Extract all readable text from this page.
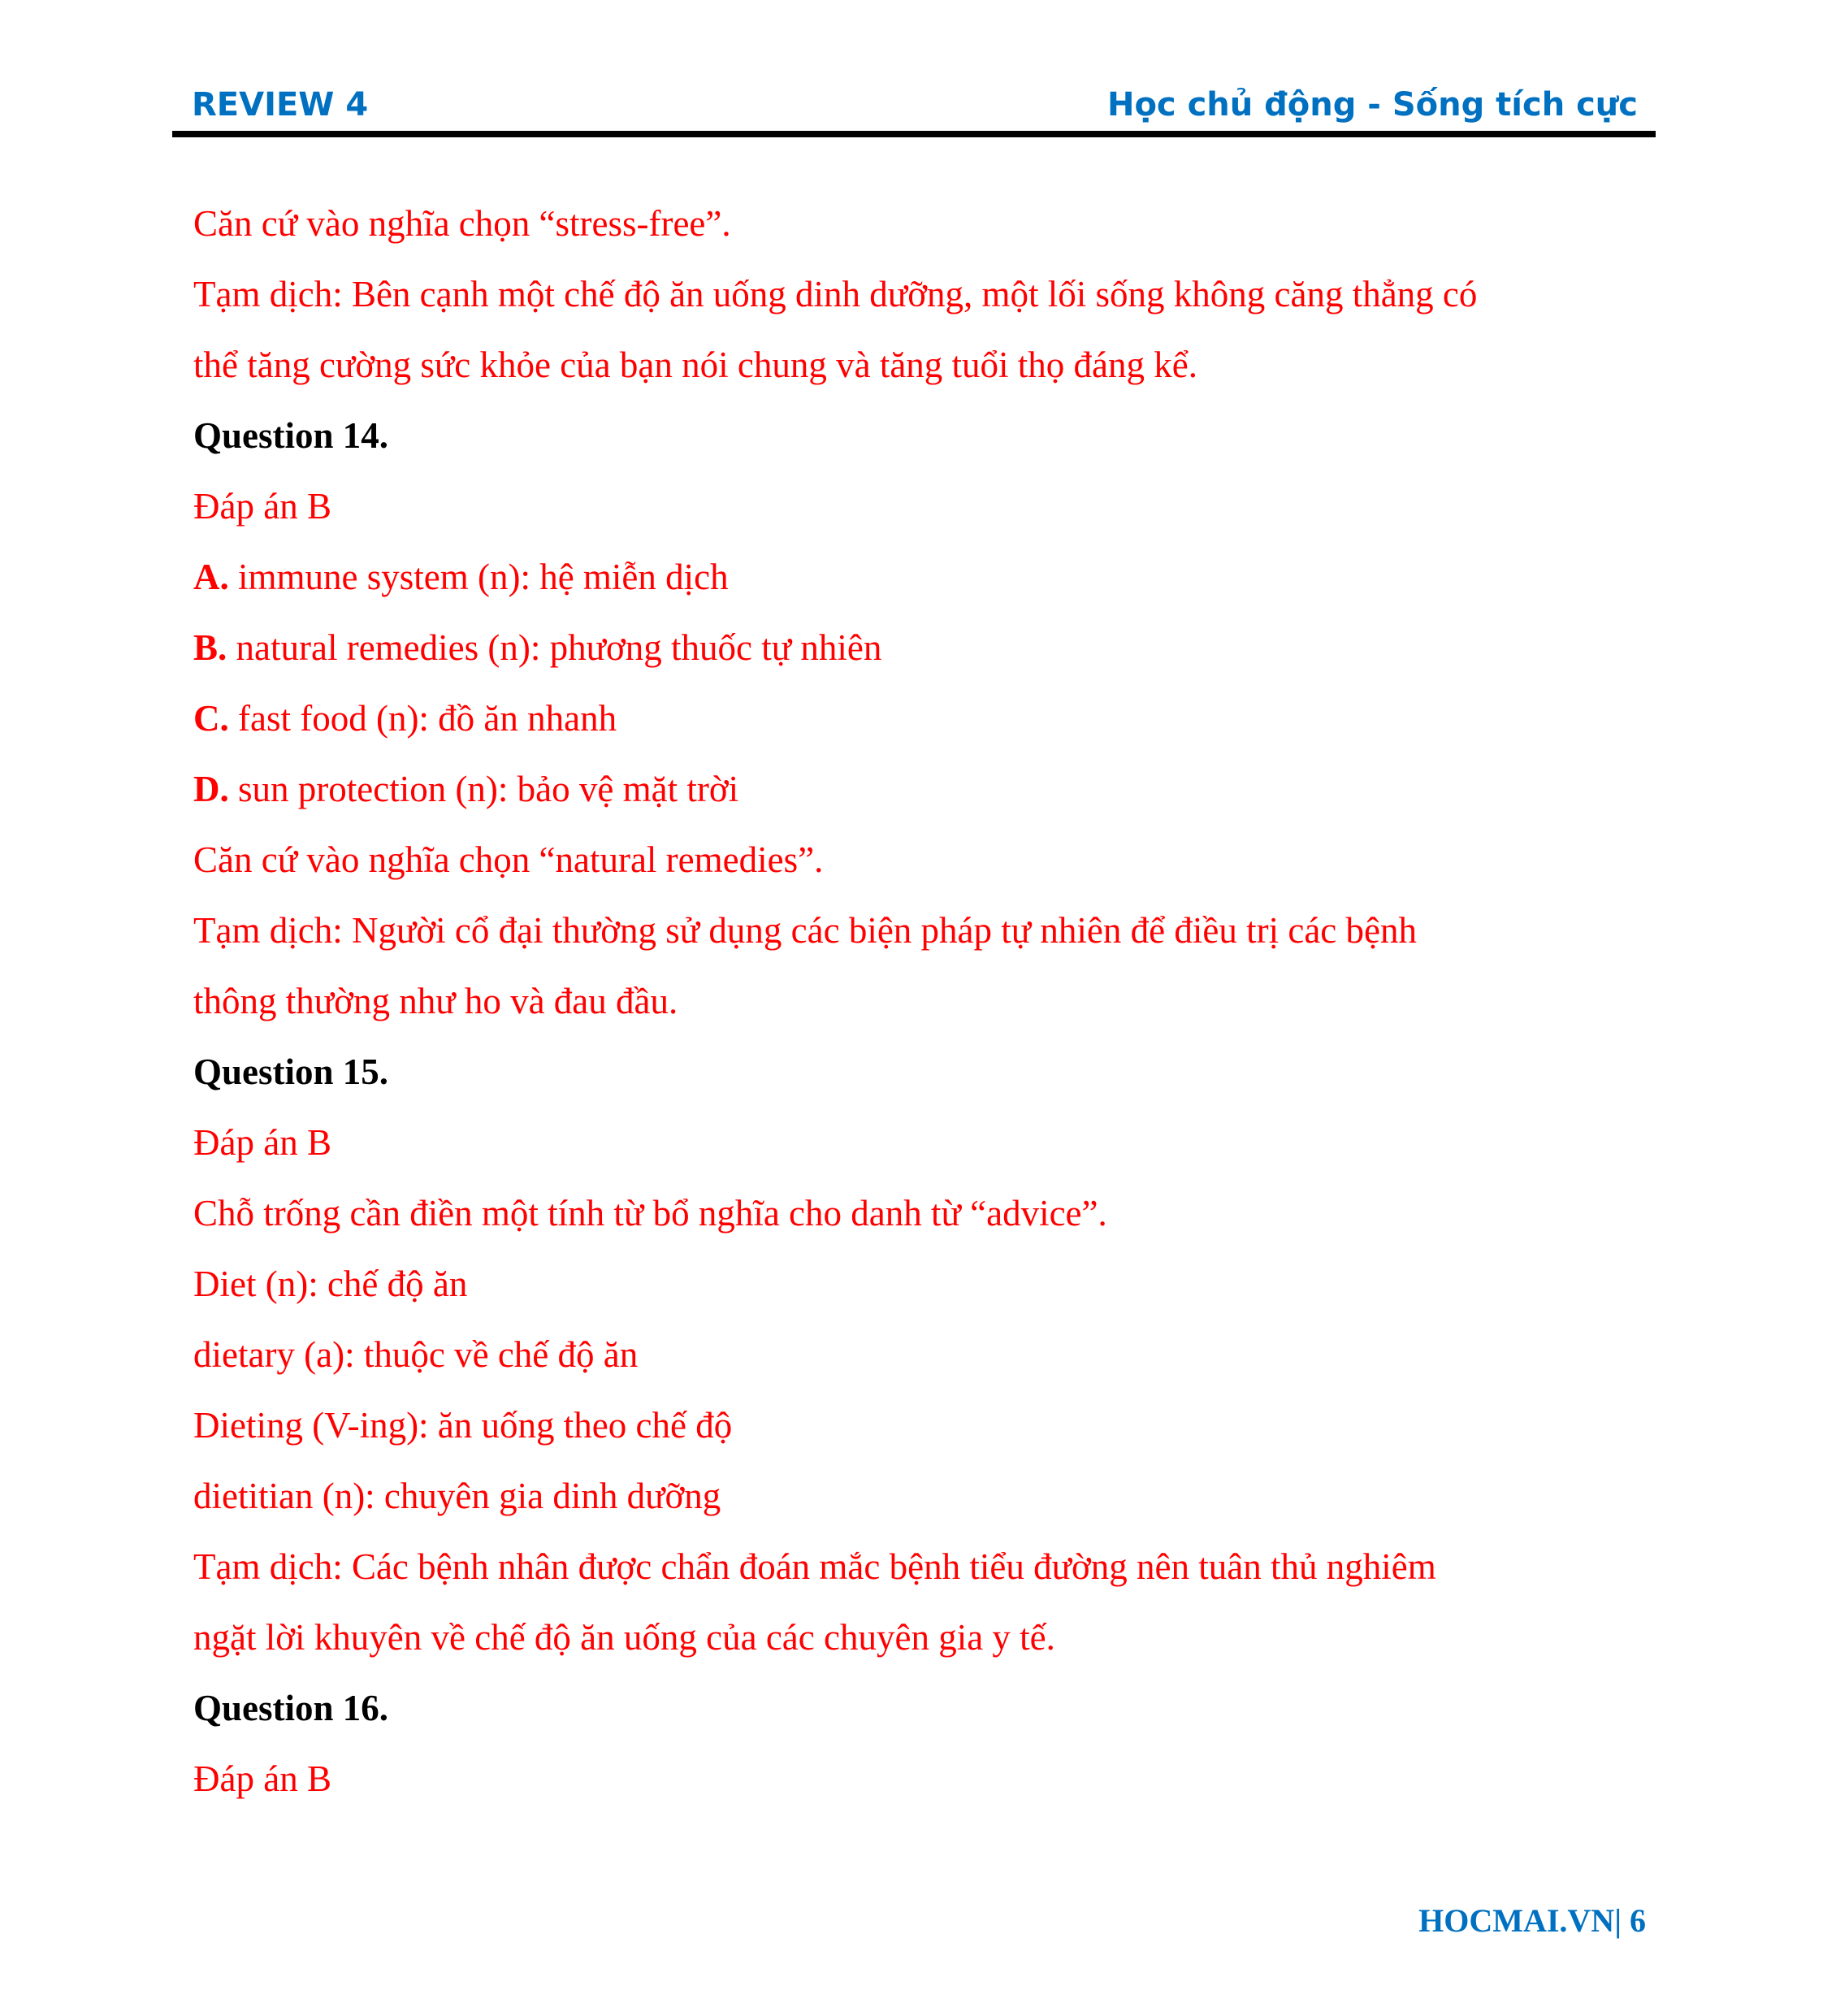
REVIEW 4	Học chủ động - Sống tích cực
Căn cứ vào nghĩa chọn “stress-free”.
Tạm dịch: Bên cạnh một chế độ ăn uống dinh dưỡng, một lối sống không căng thẳng có
thể tăng cường sức khỏe của bạn nói chung và tăng tuổi thọ đáng kể.
Question 14.
Đáp án B
A. immune system (n): hệ miễn dịch
B. natural remedies (n): phương thuốc tự nhiên
C. fast food (n): đồ ăn nhanh
D. sun protection (n): bảo vệ mặt trời
Căn cứ vào nghĩa chọn “natural remedies”.
Tạm dịch: Người cổ đại thường sử dụng các biện pháp tự nhiên để điều trị các bệnh
thông thường như ho và đau đầu.
Question 15.
Đáp án B
Chỗ trống cần điền một tính từ bổ nghĩa cho danh từ “advice”.
Diet (n): chế độ ăn
dietary (a): thuộc về chế độ ăn
Dieting (V-ing): ăn uống theo chế độ
dietitian (n): chuyên gia dinh dưỡng
Tạm dịch: Các bệnh nhân được chẩn đoán mắc bệnh tiểu đường nên tuân thủ nghiêm
ngặt lời khuyên về chế độ ăn uống của các chuyên gia y tế.
Question 16.
Đáp án B
HOCMAI.VN| 6
